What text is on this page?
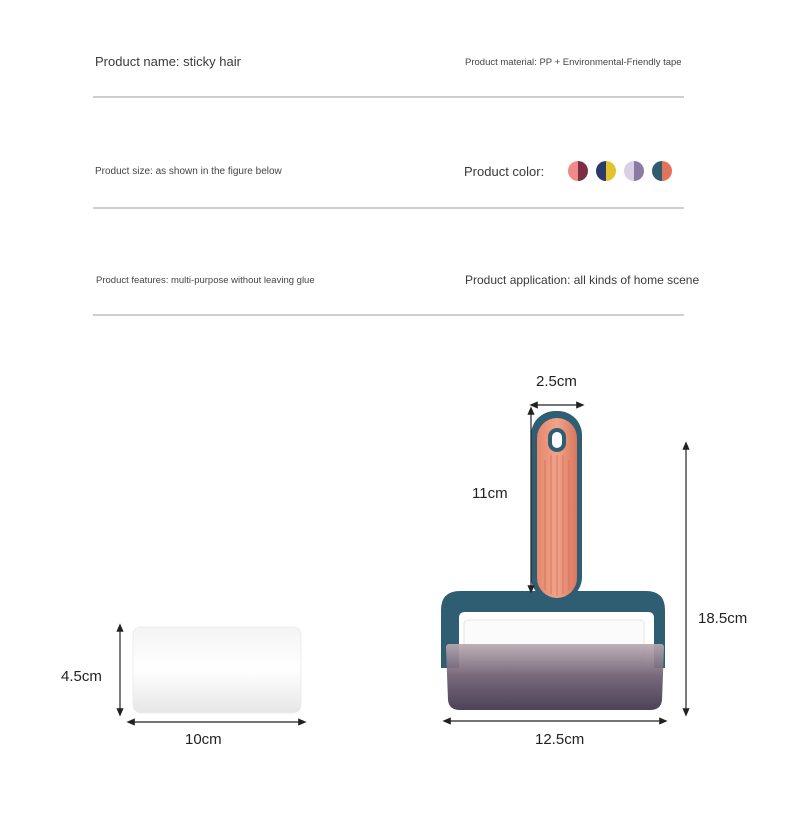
Product name: sticky hair	Product material: PP + Environmental-Friendly tape
Product size: as shown in the figure below	Product color:
Product features: multi-purpose without leaving glue	Product application: all kinds of home scene
4.5cm
10cm
2.5cm
11cm
18.5cm
12.5cm
